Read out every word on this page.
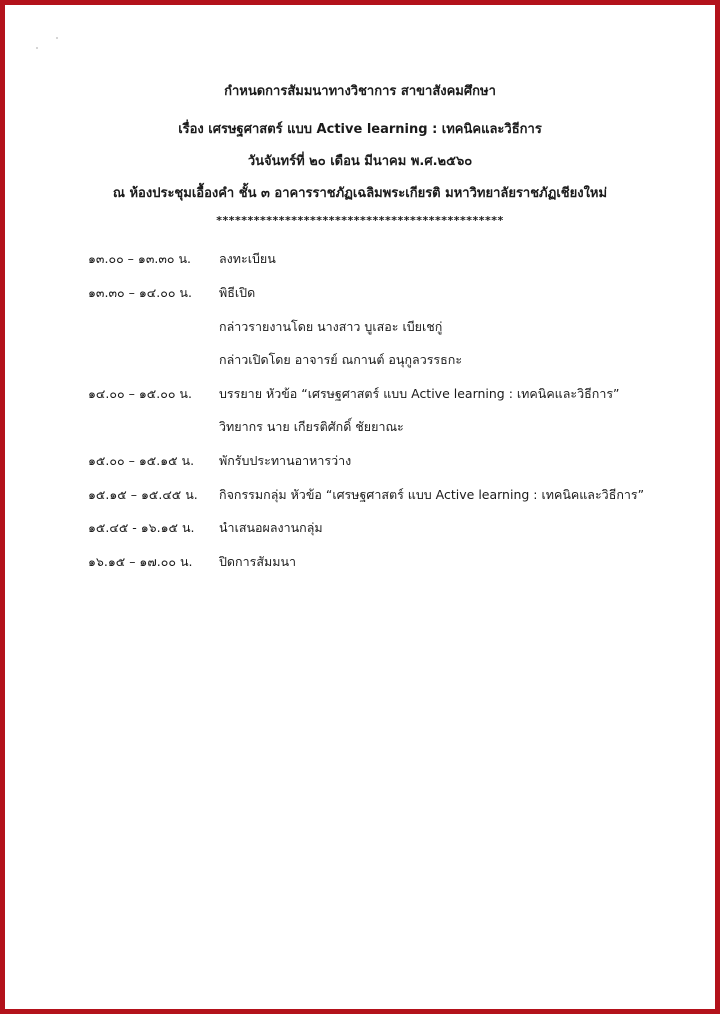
กำหนดการสัมมนาทางวิชาการ สาขาสังคมศึกษา
เรื่อง เศรษฐศาสตร์ แบบ Active learning : เทคนิคและวิธีการ
วันจันทร์ที่ ๒๐ เดือน มีนาคม พ.ศ.๒๕๖๐
ณ ห้องประชุมเอื้องคำ ชั้น ๓ อาคารราชภัฏเฉลิมพระเกียรติ มหาวิทยาลัยราชภัฏเชียงใหม่
**********************************************
๑๓.๐๐ – ๑๓.๓๐ น. ลงทะเบียน
๑๓.๓๐ – ๑๔.๐๐ น. พิธีเปิด
กล่าวรายงานโดย นางสาว บูเสอะ เบียเชกู่
กล่าวเปิดโดย อาจารย์ ณกานต์ อนุกูลวรรธกะ
๑๔.๐๐ – ๑๕.๐๐ น. บรรยาย หัวข้อ “เศรษฐศาสตร์ แบบ Active learning : เทคนิคและวิธีการ”
วิทยากร นาย เกียรติศักดิ์ ชัยยาณะ
๑๕.๐๐ – ๑๕.๑๕ น. พักรับประทานอาหารว่าง
๑๕.๑๕ – ๑๕.๔๕ น. กิจกรรมกลุ่ม หัวข้อ “เศรษฐศาสตร์ แบบ Active learning : เทคนิคและวิธีการ”
๑๕.๔๕ - ๑๖.๑๕ น. นำเสนอผลงานกลุ่ม
๑๖.๑๕ – ๑๗.๐๐ น. ปิดการสัมมนา
